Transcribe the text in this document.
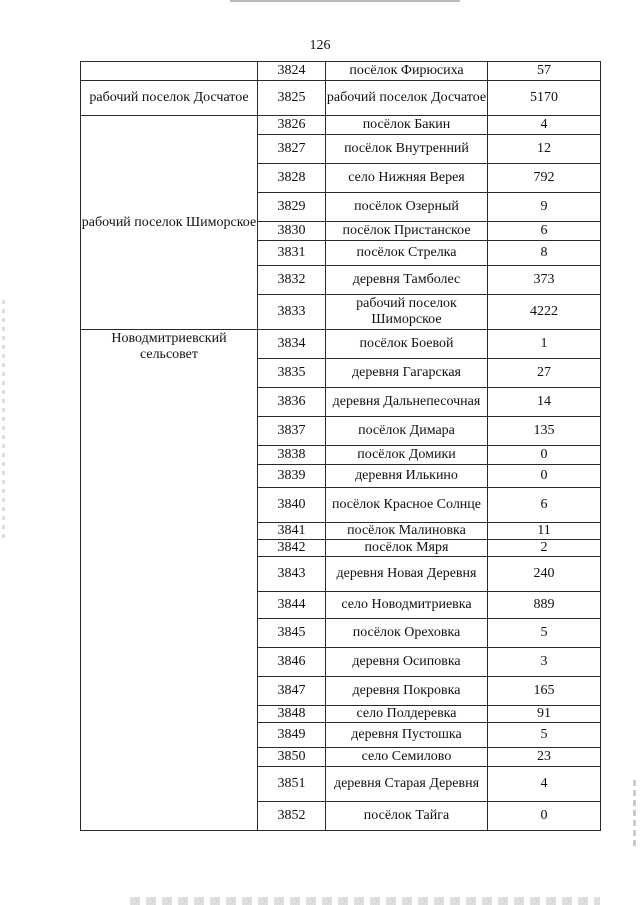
126
	3824	посёлок Фирюсиха	57
рабочий поселок Досчатое	3825	рабочий поселок Досчатое	5170
рабочий поселок Шиморское	3826	посёлок Бакин	4
	3827	посёлок Внутренний	12
	3828	село Нижняя Верея	792
	3829	посёлок Озерный	9
	3830	посёлок Пристанское	6
	3831	посёлок Стрелка	8
	3832	деревня Тамболес	373
	3833	рабочий поселок Шиморское	4222
Новодмитриевский сельсовет	3834	посёлок Боевой	1
	3835	деревня Гагарская	27
	3836	деревня Дальнепесочная	14
	3837	посёлок Димара	135
	3838	посёлок Домики	0
	3839	деревня Илькино	0
	3840	посёлок Красное Солнце	6
	3841	посёлок Малиновка	11
	3842	посёлок Мяря	2
	3843	деревня Новая Деревня	240
	3844	село Новодмитриевка	889
	3845	посёлок Ореховка	5
	3846	деревня Осиповка	3
	3847	деревня Покровка	165
	3848	село Полдеревка	91
	3849	деревня Пустошка	5
	3850	село Семилово	23
	3851	деревня Старая Деревня	4
	3852	посёлок Тайга	0
